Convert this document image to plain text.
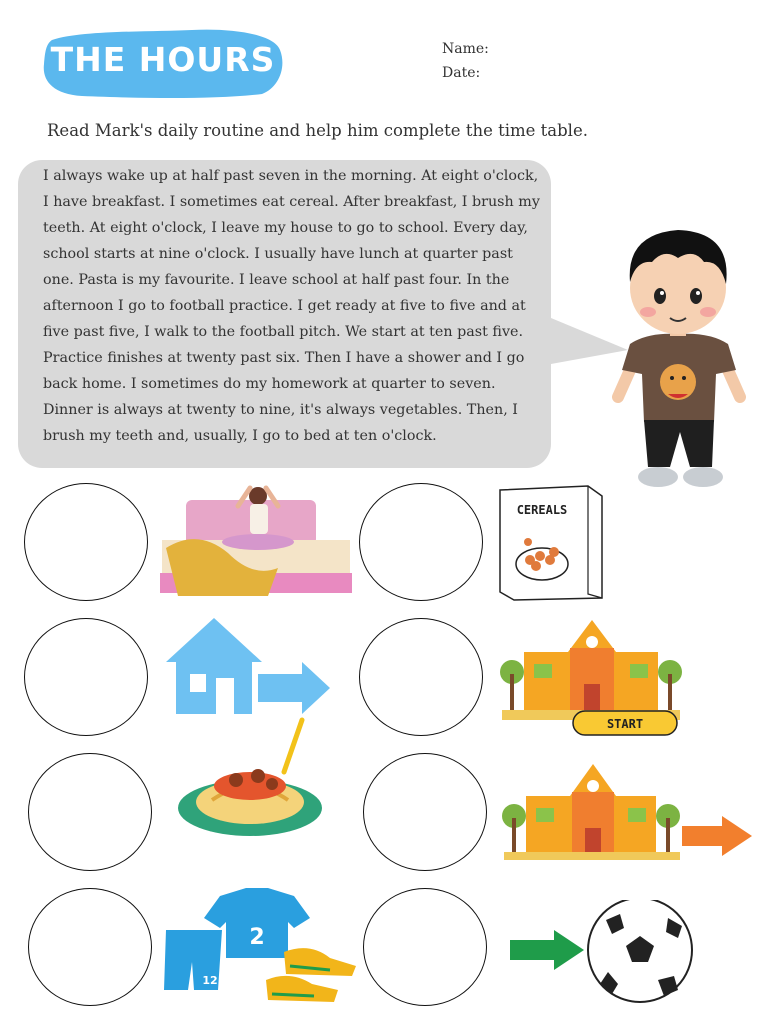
THE HOURS	Name:
Date:
Read Mark's daily routine and help him complete the time table.
I always wake up at half past seven in the morning. At eight o'clock, I have breakfast. I sometimes eat cereal. After breakfast, I brush my teeth. At eight o'clock, I leave my house to go to school. Every day, school starts at nine o'clock. I usually have lunch at quarter past one. Pasta is my favourite. I leave school at half past four. In the afternoon I go to football practice. I get ready at five to five and at five past five, I walk to the football pitch. We start at ten past five. Practice finishes at twenty past six. Then I have a shower and I go back home. I sometimes do my homework at quarter to seven. Dinner is always at twenty to nine, it's always vegetables. Then, I brush my teeth and, usually, I go to bed at ten o'clock.
CEREALS
START
2
12
